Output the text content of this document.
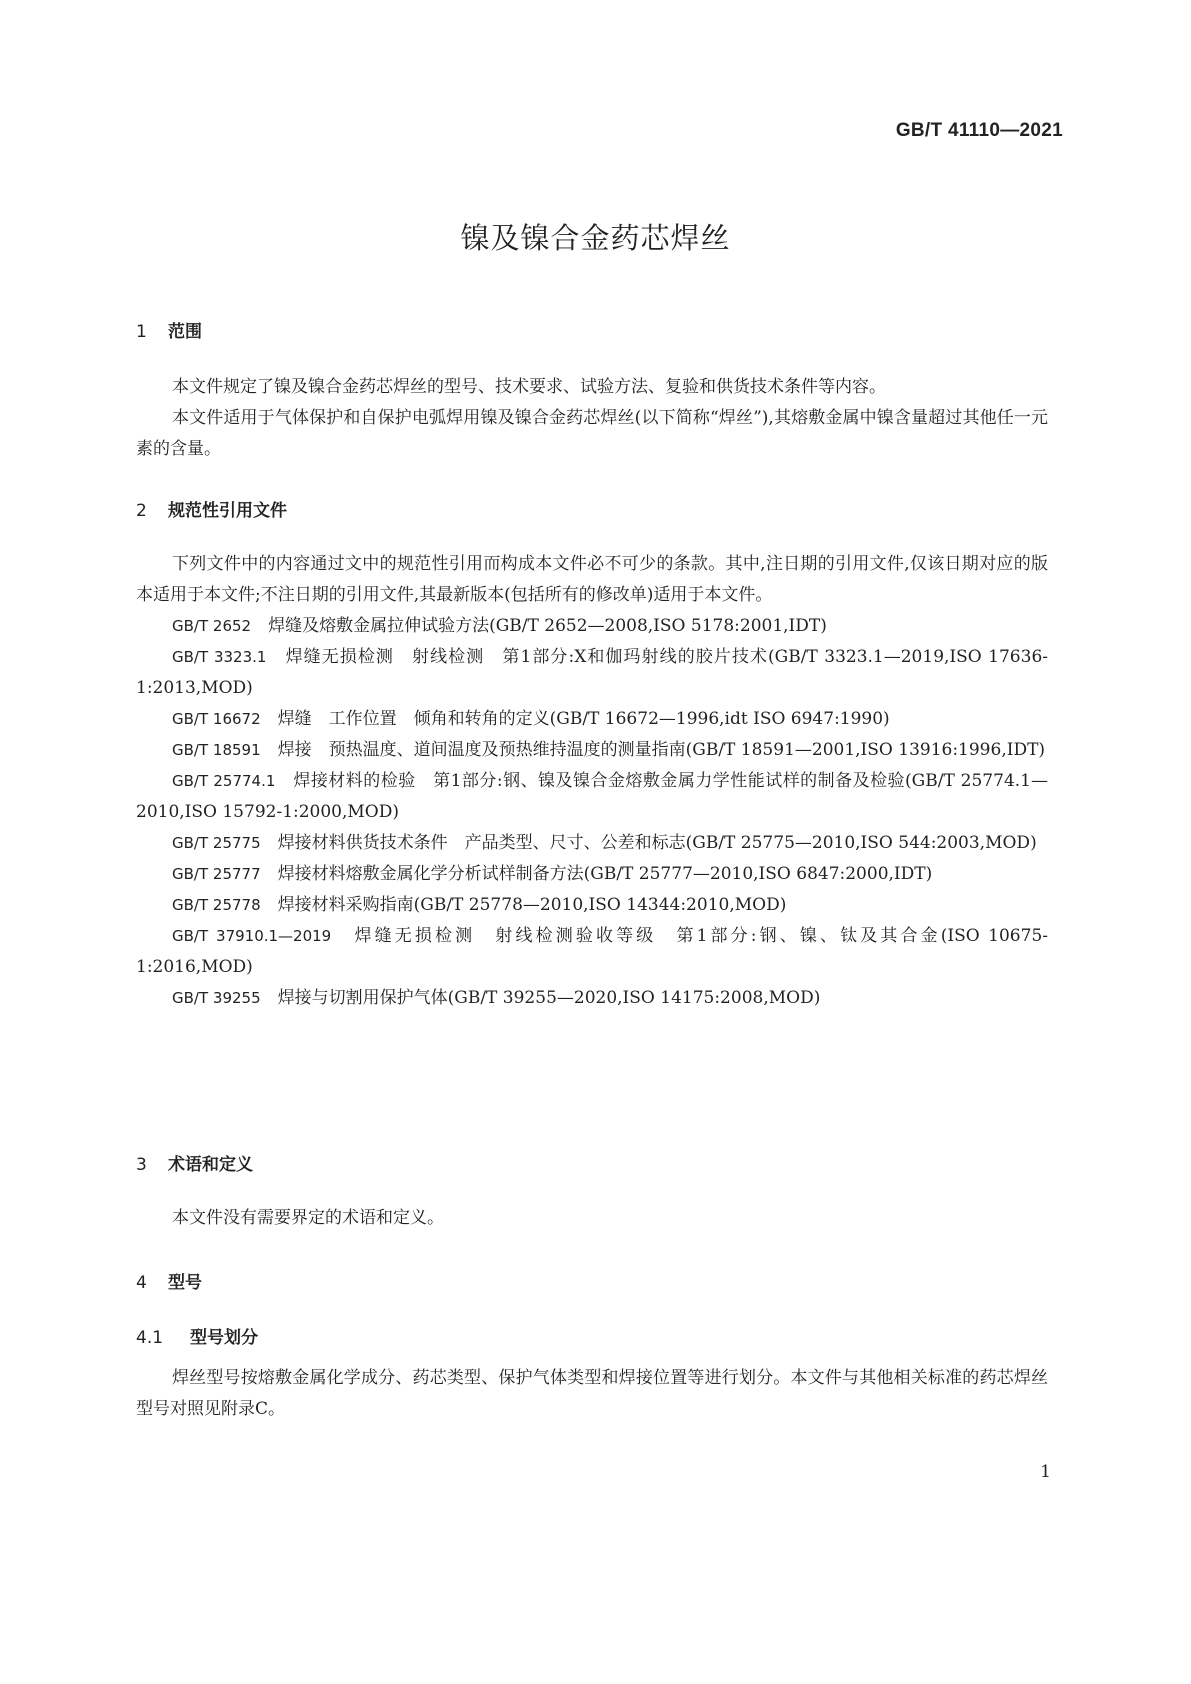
GB/T 41110—2021
镍及镍合金药芯焊丝
1 范围

本文件规定了镍及镍合金药芯焊丝的型号、技术要求、试验方法、复验和供货技术条件等内容。

本文件适用于气体保护和自保护电弧焊用镍及镍合金药芯焊丝(以下简称“焊丝”),其熔敷金属中镍含量超过其他任一元素的含量。

2 规范性引用文件

下列文件中的内容通过文中的规范性引用而构成本文件必不可少的条款。其中,注日期的引用文件,仅该日期对应的版本适用于本文件;不注日期的引用文件,其最新版本(包括所有的修改单)适用于本文件。

GB/T 2652　 焊缝及熔敷金属拉伸试验方法(GB/T 2652—2008,ISO 5178:2001,IDT)

GB/T 3323.1　 焊缝无损检测　射线检测　第1部分:X和伽玛射线的胶片技术(GB/T 3323.1—2019,ISO 17636-1:2013,MOD)

GB/T 16672　 焊缝　工作位置　倾角和转角的定义(GB/T 16672—1996,idt ISO 6947:1990)

GB/T 18591　 焊接　预热温度、道间温度及预热维持温度的测量指南(GB/T 18591—2001,ISO 13916:1996,IDT)

GB/T 25774.1　 焊接材料的检验　第1部分:钢、镍及镍合金熔敷金属力学性能试样的制备及检验(GB/T 25774.1—2010,ISO 15792-1:2000,MOD)

GB/T 25775　 焊接材料供货技术条件　产品类型、尺寸、公差和标志(GB/T 25775—2010,ISO 544:2003,MOD)

GB/T 25777　 焊接材料熔敷金属化学分析试样制备方法(GB/T 25777—2010,ISO 6847:2000,IDT)

GB/T 25778　 焊接材料采购指南(GB/T 25778—2010,ISO 14344:2010,MOD)

GB/T 37910.1—2019　 焊缝无损检测　射线检测验收等级　第1部分:钢、镍、钛及其合金(ISO 10675-1:2016,MOD)

GB/T 39255　 焊接与切割用保护气体(GB/T 39255—2020,ISO 14175:2008,MOD)

3 术语和定义

本文件没有需要界定的术语和定义。

4 型号
4.1 型号划分

焊丝型号按熔敷金属化学成分、药芯类型、保护气体类型和焊接位置等进行划分。本文件与其他相关标准的药芯焊丝型号对照见附录C。

1
